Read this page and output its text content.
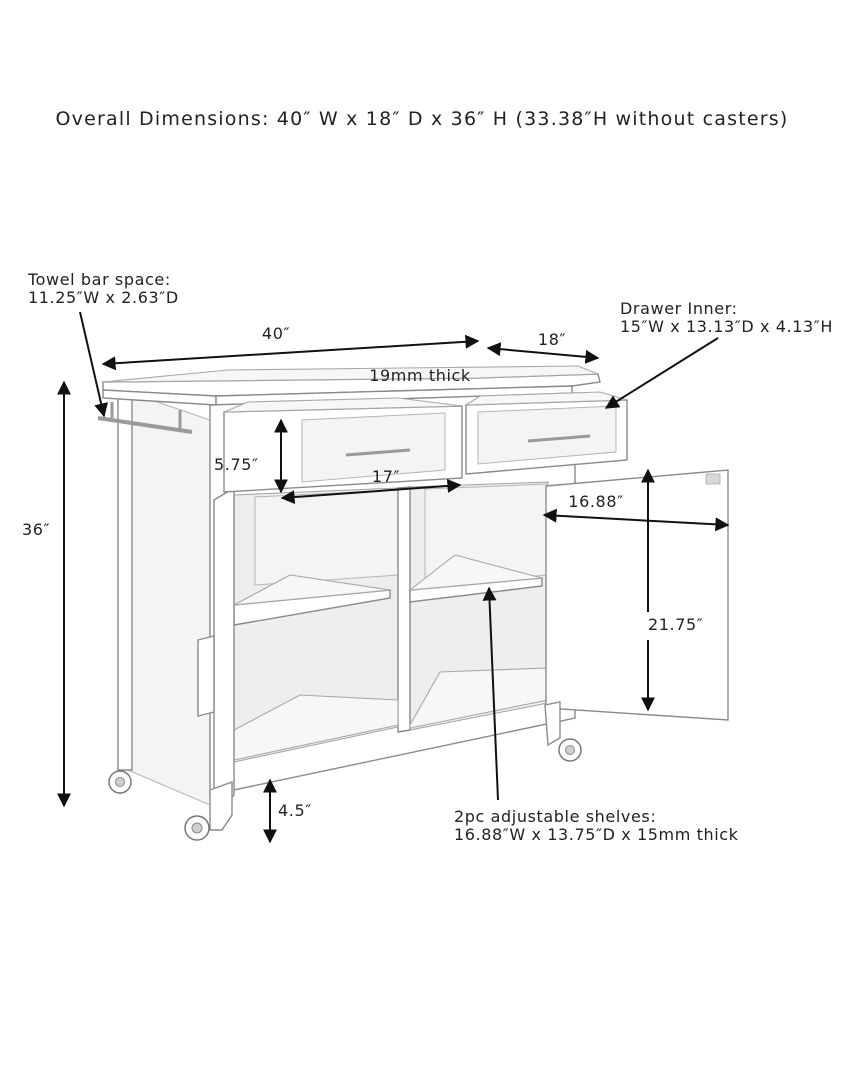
Overall Dimensions: 40″ W x 18″ D x 36″ H (33.38″H without casters)
Towel bar space:
11.25″W x 2.63″D
40″	18″
19mm thick
Drawer Inner:
15″W x 13.13″D x 4.13″H
36″
5.75″
17″
16.88″
21.75″
4.5″	2pc adjustable shelves:
16.88″W x 13.75″D x 15mm thick
